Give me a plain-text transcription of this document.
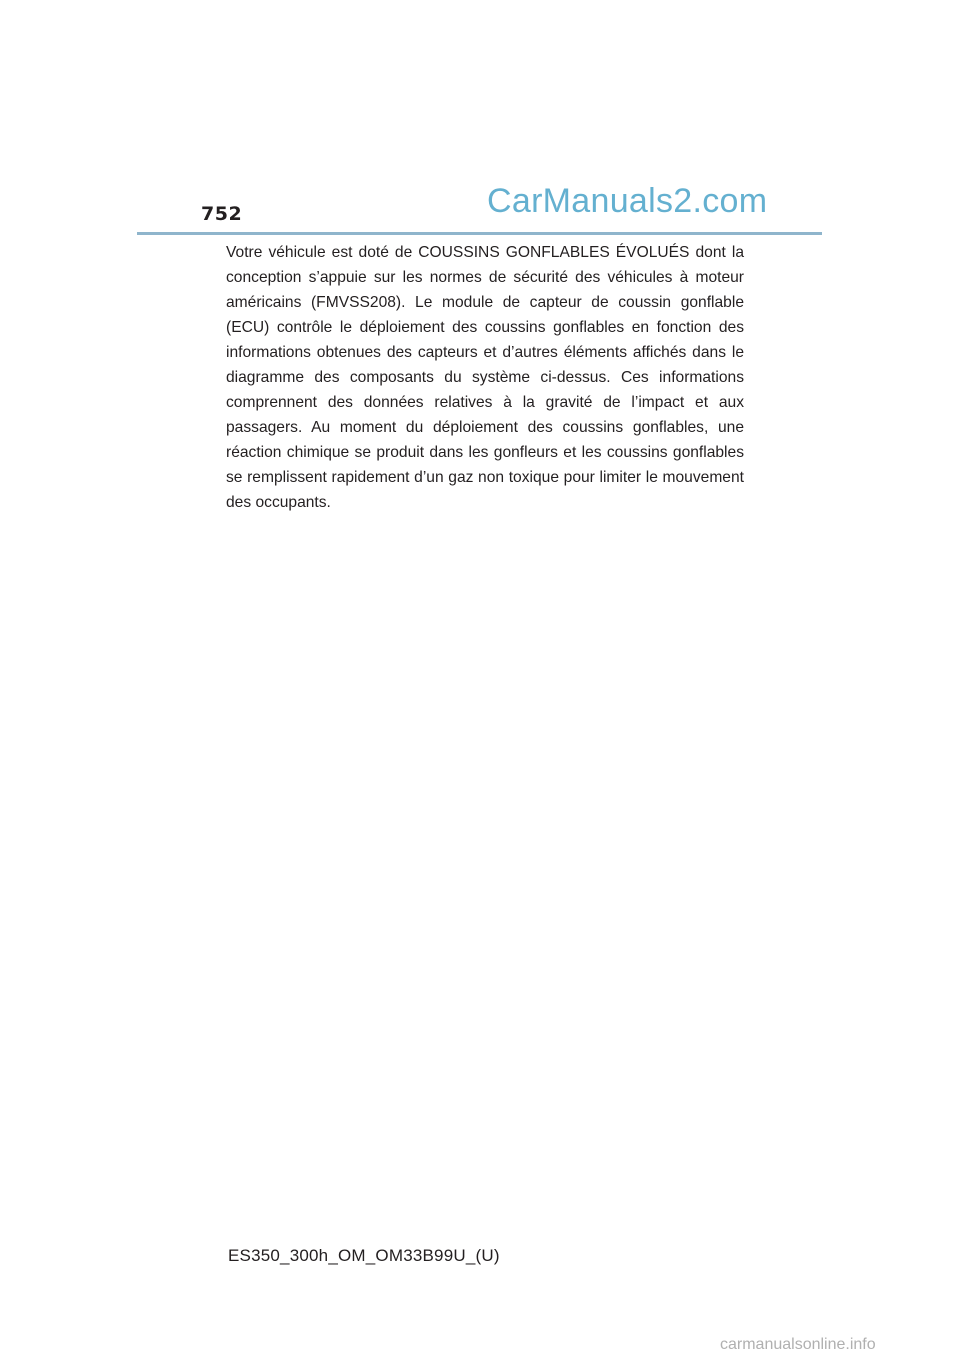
752	CarManuals2.com

Votre véhicule est doté de COUSSINS GONFLABLES ÉVOLUÉS dont la conception s’appuie sur les normes de sécurité des véhicules à moteur américains (FMVSS208). Le module de capteur de coussin gonflable (ECU) contrôle le déploiement des coussins gonflables en fonction des informations obtenues des capteurs et d’autres éléments affichés dans le diagramme des composants du système ci-dessus. Ces informations comprennent des données relatives à la gravité de l’impact et aux passagers. Au moment du déploiement des coussins gonflables, une réaction chimique se produit dans les gonfleurs et les coussins gonflables se remplissent rapidement d’un gaz non toxique pour limiter le mouvement des occupants.

ES350_300h_OM_OM33B99U_(U)
carmanualsonline.info
